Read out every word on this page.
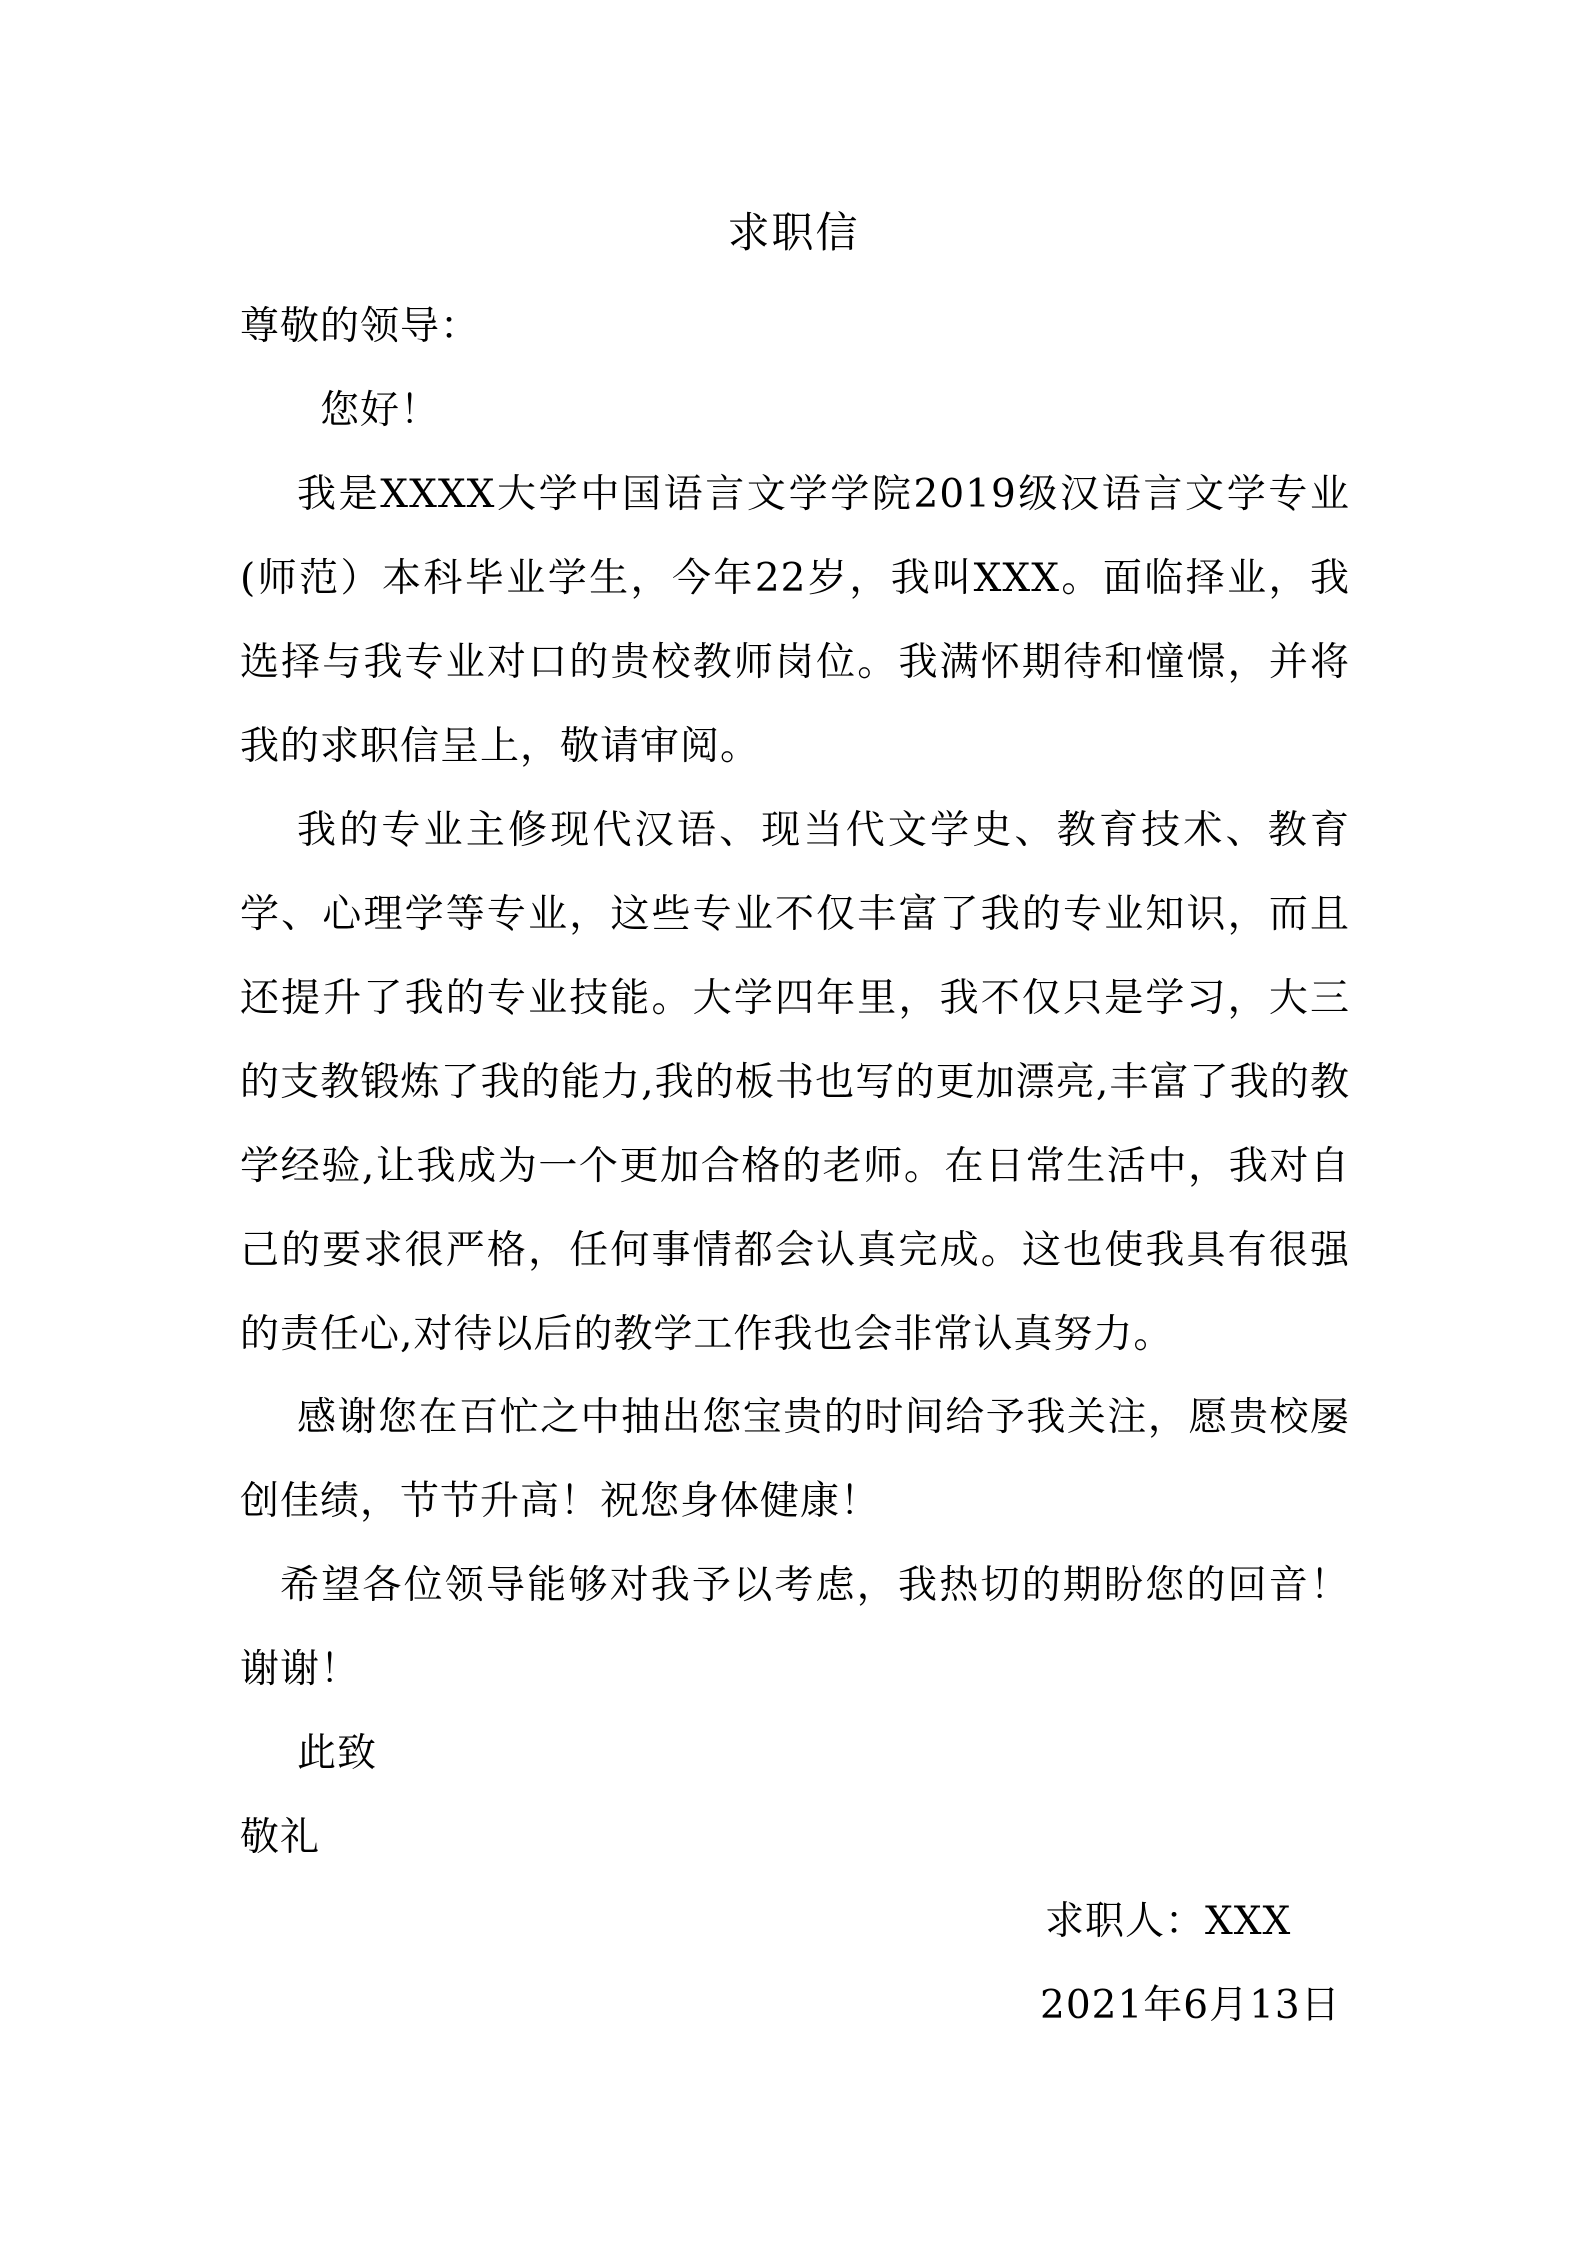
求职信
尊敬的领导：
您好！
我是XXXX大学中国语言文学学院2019级汉语言文学专业(师范）本科毕业学生，今年22岁，我叫XXX。面临择业，我选择与我专业对口的贵校教师岗位。我满怀期待和憧憬，并将我的求职信呈上，敬请审阅。
我的专业主修现代汉语、现当代文学史、教育技术、教育学、心理学等专业，这些专业不仅丰富了我的专业知识，而且还提升了我的专业技能。大学四年里，我不仅只是学习，大三的支教锻炼了我的能力,我的板书也写的更加漂亮,丰富了我的教学经验,让我成为一个更加合格的老师。在日常生活中，我对自己的要求很严格，任何事情都会认真完成。这也使我具有很强的责任心,对待以后的教学工作我也会非常认真努力。
感谢您在百忙之中抽出您宝贵的时间给予我关注，愿贵校屡创佳绩，节节升高！祝您身体健康！
希望各位领导能够对我予以考虑，我热切的期盼您的回音！谢谢！
此致
敬礼
求职人：XXX
2021年6月13日
